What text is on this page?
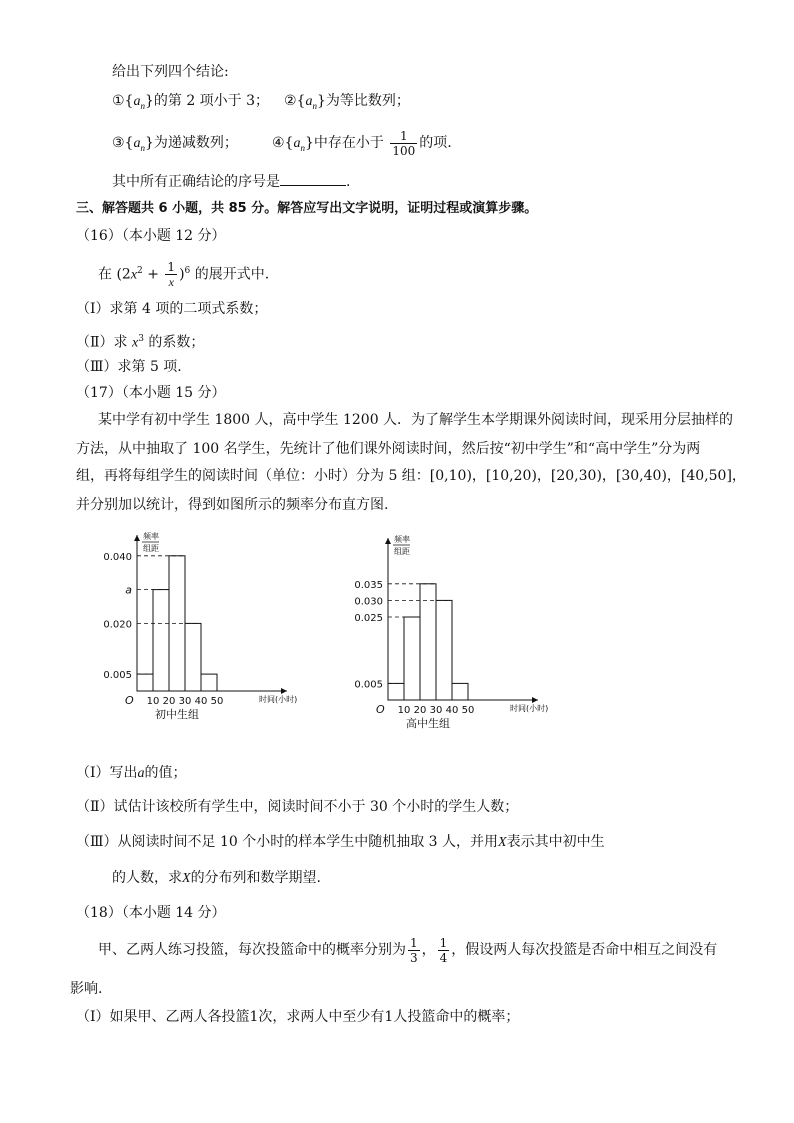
给出下列四个结论:
$①\{a_n\}$的第 2 项小于 3； $②\{a_n\}$为等比数列；
$③\{a_n\}$为递减数列； $④\{a_n\}$中存在小于 $\frac{1}{100}$ 的项.
其中所有正确结论的序号是	.
三、解答题共 6 小题，共 85 分。解答应写出文字说明，证明过程或演算步骤。
（16）（本小题 12 分）
在 $(2x^2 + \frac{1}{x} )^6$ 的展开式中.
（Ⅰ）求第 4 项的二项式系数；
（Ⅱ）求 $x^3$ 的系数；
（Ⅲ）求第 5 项.
（17）（本小题 15 分）
某中学有初中学生 1800 人，高中学生 1200 人．为了解学生本学期课外阅读时间，现采用分层抽样的
方法，从中抽取了 100 名学生，先统计了他们课外阅读时间，然后按“初中学生”和“高中学生”分为两
组，再将每组学生的阅读时间（单位：小时）分为 5 组：[0,10)，[10,20)，[20,30)，[30,40)，[40,50]，
并分别加以统计，得到如图所示的频率分布直方图.
频率
组距
0.005
0.020
a
0.040
10 20 30 40 50
O	时间(小时)
初中生组
频率
组距
0.005
0.025
0.030
0.035
10 20 30 40 50
O	时间(小时)
高中生组
（Ⅰ）写出a的值；
（Ⅱ）试估计该校所有学生中，阅读时间不小于 30 个小时的学生人数；
（Ⅲ）从阅读时间不足 10 个小时的样本学生中随机抽取 3 人，并用X表示其中初中生
的人数，求X的分布列和数学期望.
（18）（本小题 14 分）
甲、乙两人练习投篮，每次投篮命中的概率分别为 $\frac{1}{3}$ ， $\frac{1}{4}$ ，假设两人每次投篮是否命中相互之间没有
影响.
（Ⅰ）如果甲、乙两人各投篮1次，求两人中至少有1人投篮命中的概率；
